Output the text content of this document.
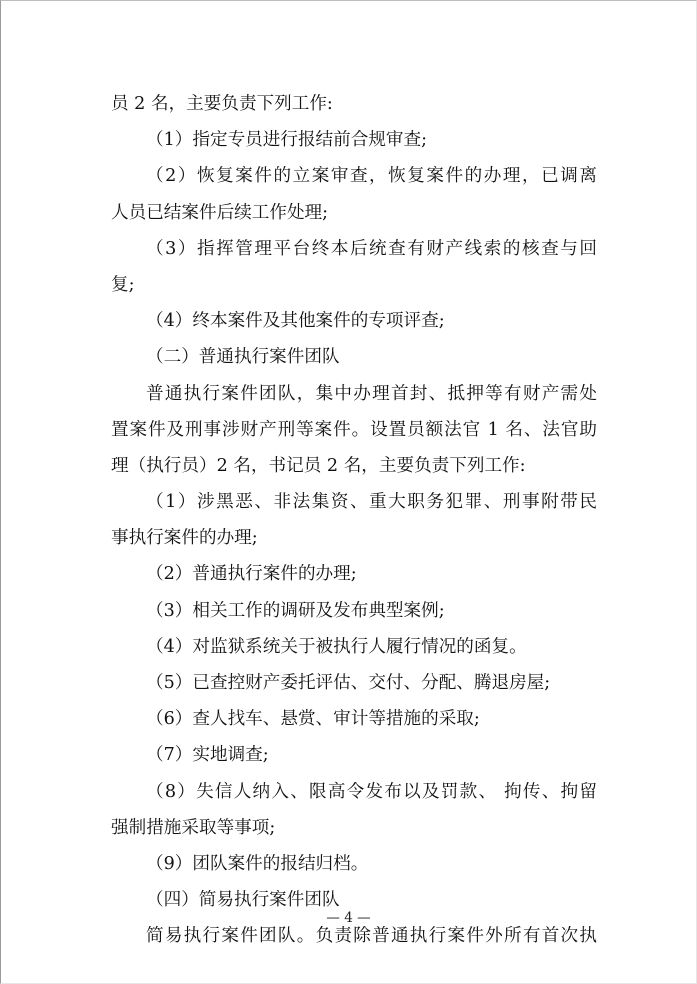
员 2 名，主要负责下列工作:
（1）指定专员进行报结前合规审查;
（2）恢复案件的立案审查，恢复案件的办理，已调离
人员已结案件后续工作处理;
（3）指挥管理平台终本后统查有财产线索的核查与回
复;
（4）终本案件及其他案件的专项评查;
（二）普通执行案件团队
普通执行案件团队，集中办理首封、抵押等有财产需处
置案件及刑事涉财产刑等案件。设置员额法官 1 名、法官助
理（执行员）2 名，书记员 2 名，主要负责下列工作:
（1）涉黑恶、非法集资、重大职务犯罪、刑事附带民
事执行案件的办理;
（2）普通执行案件的办理;
（3）相关工作的调研及发布典型案例;
（4）对监狱系统关于被执行人履行情况的函复。
（5）已查控财产委托评估、交付、分配、腾退房屋;
（6）查人找车、悬赏、审计等措施的采取;
（7）实地调查;
（8）失信人纳入、限高令发布以及罚款、 拘传、拘留
强制措施采取等事项;
（9）团队案件的报结归档。
（四）简易执行案件团队
简易执行案件团队。负责除普通执行案件外所有首次执
— 4 —
